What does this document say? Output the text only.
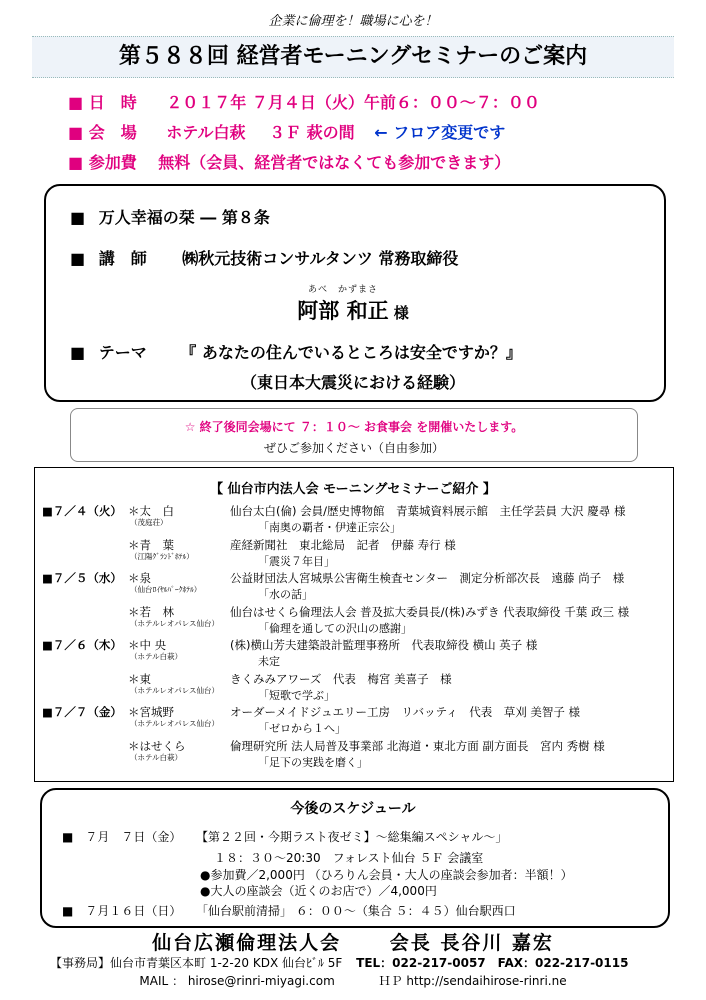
企業に倫理を！職場に心を！
第５８８回 経営者モーニングセミナーのご案内
■ 日　時 ２０１７年 ７月４日（火）午前６：００〜７：００
■ 会　場 ホテル白萩 ３Ｆ 萩の間 ← フロア変更です
■ 参加費 無料（会員、経営者ではなくても参加できます）
■ 万人幸福の栞 ― 第８条
■ 講　師 ㈱秋元技術コンサルタンツ 常務取締役
あべ　かずまさ
阿部 和正 様
■ テーマ 『 あなたの住んでいるところは安全ですか？』
（東日本大震災における経験）
☆ 終了後同会場にて ７：１０〜 お食事会 を開催いたします。
ぜひご参加ください（自由参加）
【 仙台市内法人会 モーニングセミナーご紹介 】
■７／４（火） ＊太　白
（茂庭荘）
仙台太白(倫) 会員/歴史博物館　青葉城資料展示館　主任学芸員 大沢 慶尋 様
「南奥の覇者・伊達正宗公」
＊青　葉
（江陽ｸﾞﾗﾝﾄﾞﾎﾃﾙ）
産経新聞社　東北総局　記者　伊藤 寿行 様
「震災７年目」
■７／５（水） ＊泉
（仙台ﾛｲﾔﾙﾊﾟｰｸﾎﾃﾙ）
公益財団法人宮城県公害衛生検査センター　測定分析部次長　遠藤 尚子　様
「水の話」
＊若　林
（ホテルレオパレス仙台）
仙台はせくら倫理法人会 普及拡大委員長/(株)みずき 代表取締役 千葉 政三 様
「倫理を通しての沢山の感謝」
■７／６（木） ＊中 央
（ホテル白萩）
(株)横山芳夫建築設計監理事務所　代表取締役 横山 英子 様
未定
＊東
（ホテルレオパレス仙台）
きくみみアワーズ　代表　梅宮 美喜子　様
「短歌で学ぶ」
■７／７（金） ＊宮城野
（ホテルレオパレス仙台）
オーダーメイドジュエリー工房　リバッティ　代表　草刈 美智子 様
「ゼロから１へ」
＊はせくら
（ホテル白萩）
倫理研究所 法人局普及事業部 北海道・東北方面 副方面長　宮内 秀樹 様
「足下の実践を磨く」
今後のスケジュール
■　７月　７日（金） 【第２２回・今期ラスト夜ゼミ】〜総集編スペシャル〜」
１８：３０〜20:30　フォレスト仙台 ５Ｆ 会議室
●参加費／2,000円 （ひろりん会員・大人の座談会参加者：半額！）
●大人の座談会（近くのお店で）／4,000円
■　７月１６日（日） 「仙台駅前清掃」 ６：００〜（集合 ５：４５）仙台駅西口
仙台広瀬倫理法人会	会長 長谷川 嘉宏
【事務局】仙台市青葉区本町 1-2-20 KDX 仙台ﾋﾞﾙ 5F TEL：022-217-0057　FAX：022-217-0115
MAIL ： hirose@rinri-miyagi.com	ＨＰ http://sendaihirose-rinri.ne
